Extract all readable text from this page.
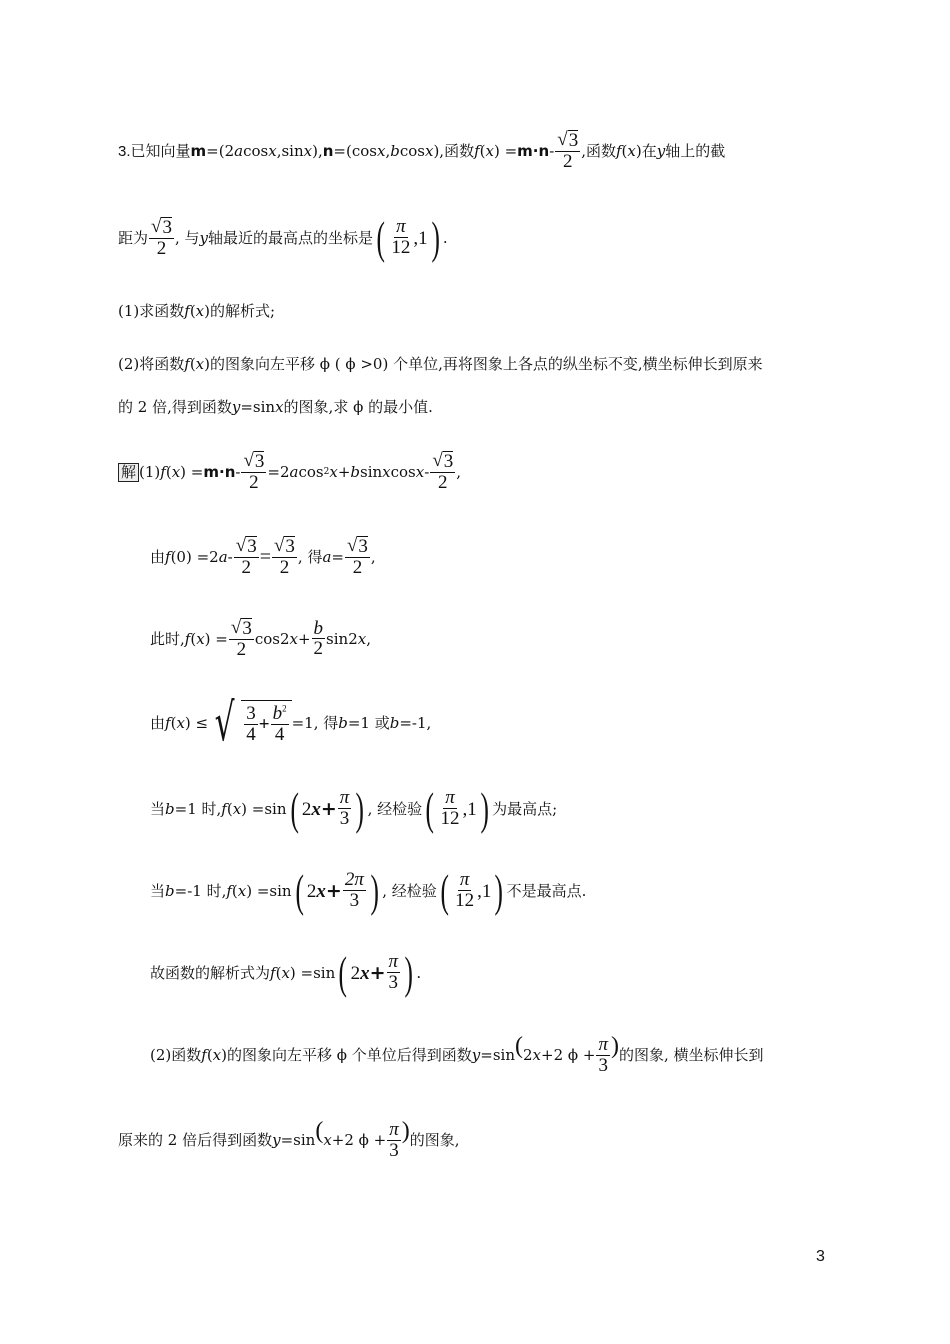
3. 已知向量 m =(2 a cos x ,sin x ), n =(cos x , b cos x ),函数 f ( x ) = $m\cdot n - \frac{√ 3}{2}$ ,函数 f ( x )在 y 轴上的截
距为 $\frac{√ 3}{2}$ , 与 y 轴最近的最高点的坐标是 ( $\frac{\pi}{12} ,1$ ) .
(1)求函数 f ( x )的解析式;
(2)将函数 f ( x )的图象向左平移 ϕ ( ϕ >0) 个单位,再将图象上各点的纵坐标不变,横坐标伸长到原来
的 2 倍,得到函数 y =sin x 的图象,求 ϕ 的最小值.
解 (1) f ( x ) = $m\cdot n - \frac{√ 3}{2} =2$ a cos 2 x + b sin x cos x - $\frac{√ 3}{2}$ ,
由 f (0) =2 $a - \frac{√ 3}{2} = \frac{√ 3}{2}$ , 得 $a = \frac{√ 3}{2}$ ,
此时, f ( x ) = $\frac{√ 3}{2} \cos 2$ $x + \frac{b}{2} \sin 2$ x ,
由 f ( x ) ≤ √ $\frac{3}{4} + \frac{b^2}{4} =1$, 得 b =1 或 b =-1,
当 b =1 时, f ( x ) =sin ( 2 $x + \frac{\pi}{3}$ ) , 经检验 ( $\frac{\pi}{12} ,1$ ) 为最高点;
当 b =-1 时, f ( x ) =sin ( 2 $x + \frac{2\pi}{3}$ ) , 经检验 ( $\frac{\pi}{12} ,1$ ) 不是最高点.
故函数的解析式为 f ( x ) =sin ( 2 $x + \frac{\pi}{3}$ ) .
(2)函数 f ( x )的图象向左平移 ϕ 个单位后得到函数 y =sin ( 2 x +2 $\phi + \frac{\pi}{3}$ ) 的图象, 横坐标伸长到
原来的 2 倍后得到函数 y =sin ( x +2 $\phi + \frac{\pi}{3}$ ) 的图象,
3
